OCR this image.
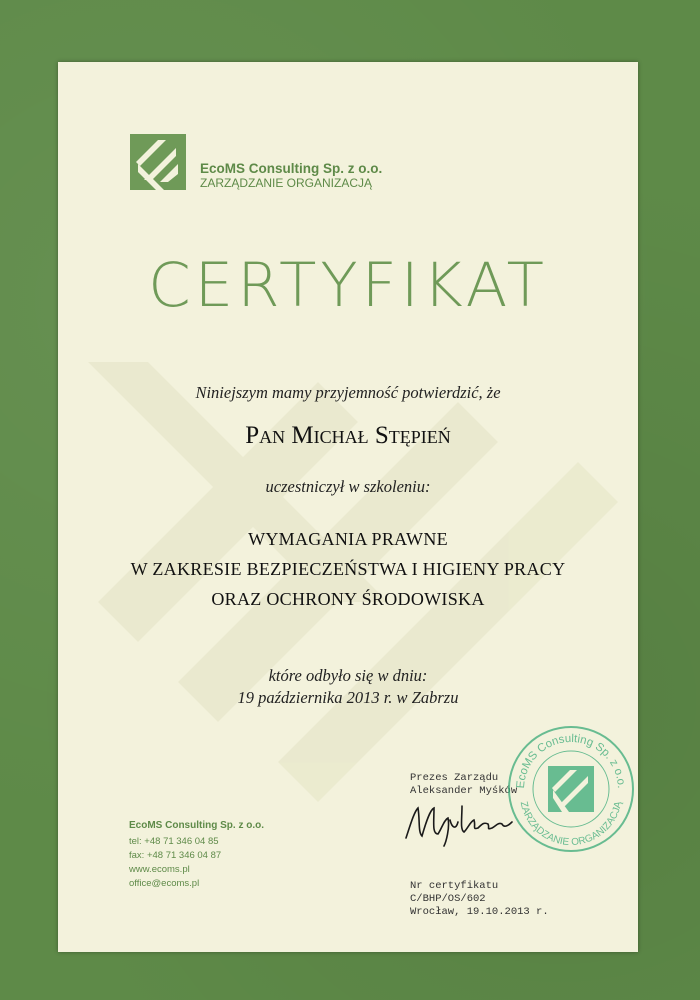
EcoMS Consulting Sp. z o.o.
ZARZĄDZANIE ORGANIZACJĄ
CERTYFIKAT
Niniejszym mamy przyjemność potwierdzić, że
Pan Michał Stępień
uczestniczył w szkoleniu:
WYMAGANIA PRAWNE
W ZAKRESIE BEZPIECZEŃSTWA I HIGIENY PRACY
ORAZ OCHRONY ŚRODOWISKA
które odbyło się w dniu:
19 października 2013 r. w Zabrzu
EcoMS Consulting Sp. z o.o.
tel: +48 71 346 04 85
fax: +48 71 346 04 87
www.ecoms.pl
office@ecoms.pl
Prezes Zarządu
Aleksander Myśków
Nr certyfikatu
C/BHP/OS/602
Wrocław, 19.10.2013 r.
EcoMS Consulting Sp. z o.o.
ZARZĄDZANIE ORGANIZACJĄ
